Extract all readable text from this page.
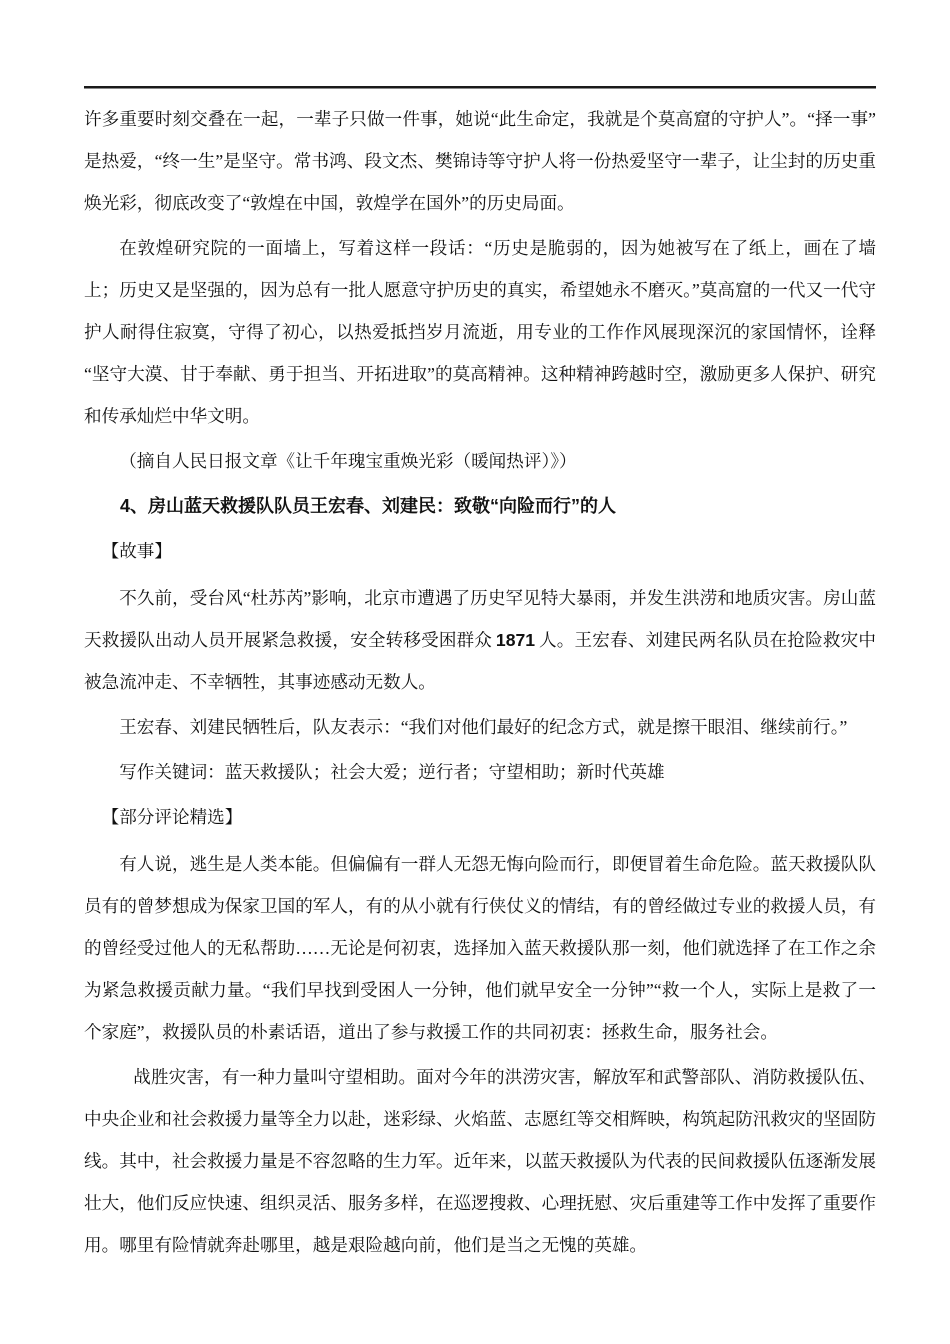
许多重要时刻交叠在一起，一辈子只做一件事，她说“此生命定，我就是个莫高窟的守护人”。“择一事”是热爱，“终一生”是坚守。常书鸿、段文杰、樊锦诗等守护人将一份热爱坚守一辈子，让尘封的历史重焕光彩，彻底改变了“敦煌在中国，敦煌学在国外”的历史局面。

在敦煌研究院的一面墙上，写着这样一段话：“历史是脆弱的，因为她被写在了纸上，画在了墙上；历史又是坚强的，因为总有一批人愿意守护历史的真实，希望她永不磨灭。”莫高窟的一代又一代守护人耐得住寂寞，守得了初心，以热爱抵挡岁月流逝，用专业的工作作风展现深沉的家国情怀，诠释“坚守大漠、甘于奉献、勇于担当、开拓进取”的莫高精神。这种精神跨越时空，激励更多人保护、研究和传承灿烂中华文明。

（摘自人民日报文章《让千年瑰宝重焕光彩（暖闻热评）》）

4、房山蓝天救援队队员王宏春、刘建民：致敬“向险而行”的人

【故事】

不久前，受台风“杜苏芮”影响，北京市遭遇了历史罕见特大暴雨，并发生洪涝和地质灾害。房山蓝天救援队出动人员开展紧急救援，安全转移受困群众 1871 人。王宏春、刘建民两名队员在抢险救灾中被急流冲走、不幸牺牲，其事迹感动无数人。

王宏春、刘建民牺牲后，队友表示：“我们对他们最好的纪念方式，就是擦干眼泪、继续前行。”

写作关键词：蓝天救援队；社会大爱；逆行者；守望相助；新时代英雄

【部分评论精选】

有人说，逃生是人类本能。但偏偏有一群人无怨无悔向险而行，即便冒着生命危险。蓝天救援队队员有的曾梦想成为保家卫国的军人，有的从小就有行侠仗义的情结，有的曾经做过专业的救援人员，有的曾经受过他人的无私帮助……无论是何初衷，选择加入蓝天救援队那一刻，他们就选择了在工作之余为紧急救援贡献力量。“我们早找到受困人一分钟，他们就早安全一分钟”“救一个人，实际上是救了一个家庭”，救援队员的朴素话语，道出了参与救援工作的共同初衷：拯救生命，服务社会。

战胜灾害，有一种力量叫守望相助。面对今年的洪涝灾害，解放军和武警部队、消防救援队伍、中央企业和社会救援力量等全力以赴，迷彩绿、火焰蓝、志愿红等交相辉映，构筑起防汛救灾的坚固防线。其中，社会救援力量是不容忽略的生力军。近年来，以蓝天救援队为代表的民间救援队伍逐渐发展壮大，他们反应快速、组织灵活、服务多样，在巡逻搜救、心理抚慰、灾后重建等工作中发挥了重要作用。哪里有险情就奔赴哪里，越是艰险越向前，他们是当之无愧的英雄。
